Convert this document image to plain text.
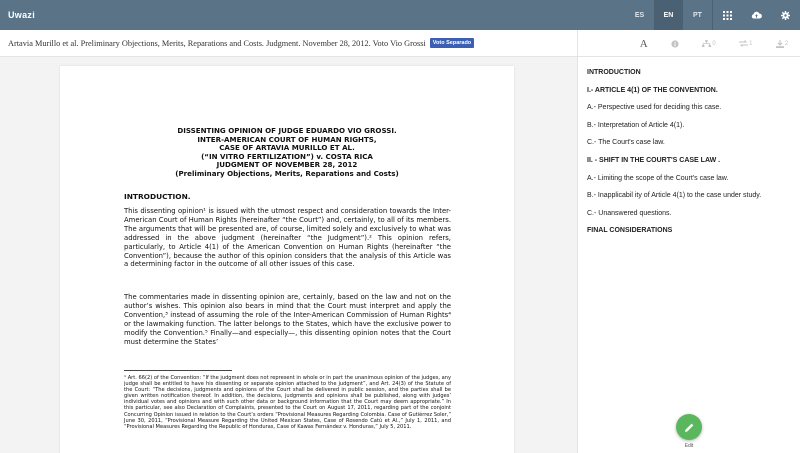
Uwazi	ES	EN	PT
Artavia Murillo et al. Preliminary Objections, Merits, Reparations and Costs. Judgment. November 28, 2012. Voto Vio Grossi	Voto Separado	A	0	1	2
DISSENTING OPINION OF JUDGE EDUARDO VIO GROSSI.
INTER-AMERICAN COURT OF HUMAN RIGHTS,
CASE OF ARTAVIA MURILLO ET AL.
(“IN VITRO FERTILIZATION”) v. COSTA RICA
JUDGMENT OF NOVEMBER 28, 2012
(Preliminary Objections, Merits, Reparations and Costs)
INTRODUCTION.
This dissenting opinion¹ is issued with the utmost respect and consideration towards the Inter-American Court of Human Rights (hereinafter “the Court”) and, certainly, to all of its members. The arguments that will be presented are, of course, limited solely and exclusively to what was addressed in the above judgment (hereinafter “the Judgment”).² This opinion refers, particularly, to Article 4(1) of the American Convention on Human Rights (hereinafter “the Convention”), because the author of this opinion considers that the analysis of this Article was a determining factor in the outcome of all other issues of this case.
The commentaries made in dissenting opinion are, certainly, based on the law and not on the author’s wishes. This opinion also bears in mind that the Court must interpret and apply the Convention,³ instead of assuming the role of the Inter-American Commission of Human Rights⁴ or the lawmaking function. The latter belongs to the States, which have the exclusive power to modify the Convention.⁵ Finally—and especially—, this dissenting opinion notes that the Court must determine the States’
¹ Art. 66(2) of the Convention: “If the judgment does not represent in whole or in part the unanimous opinion of the judges, any judge shall be entitled to have his dissenting or separate opinion attached to the judgment”, and Art. 24(3) of the Statute of the Court: “The decisions, judgments and opinions of the Court shall be delivered in public session, and the parties shall be given written notification thereof. In addition, the decisions, judgments and opinions shall be published, along with judges’ individual votes and opinions and with such other data or background information that the Court may deem appropriate.” In this particular, see also Declaration of Complaints, presented to the Court on August 17, 2011, regarding part of the conjoint Concurring Opinion issued in relation to the Court’s orders “Provisional Measures Regarding Colombia. Case of Gutiérrez Soler,” June 30, 2011, “Provisional Measure Regarding the United Mexican States, Case of Rosendo Catú et Al.,” July 1, 2011, and “Provisional Measures Regarding the Republic of Honduras, Case of Kawas Fernández v. Honduras,” July 5, 2011.
INTRODUCTION
I.- ARTICLE 4(1) OF THE CONVENTION.
A.- Perspective used for deciding this case.
B.- Interpretation of Article 4(1).
C.- The Court's case law.
II. - SHIFT IN THE COURT'S CASE LAW .
A.- Limiting the scope of the Court's case law.
B.- Inapplicabil ity of Article 4(1) to the case under study.
C.- Unanswered questions.
FINAL CONSIDERATIONS
Edit
